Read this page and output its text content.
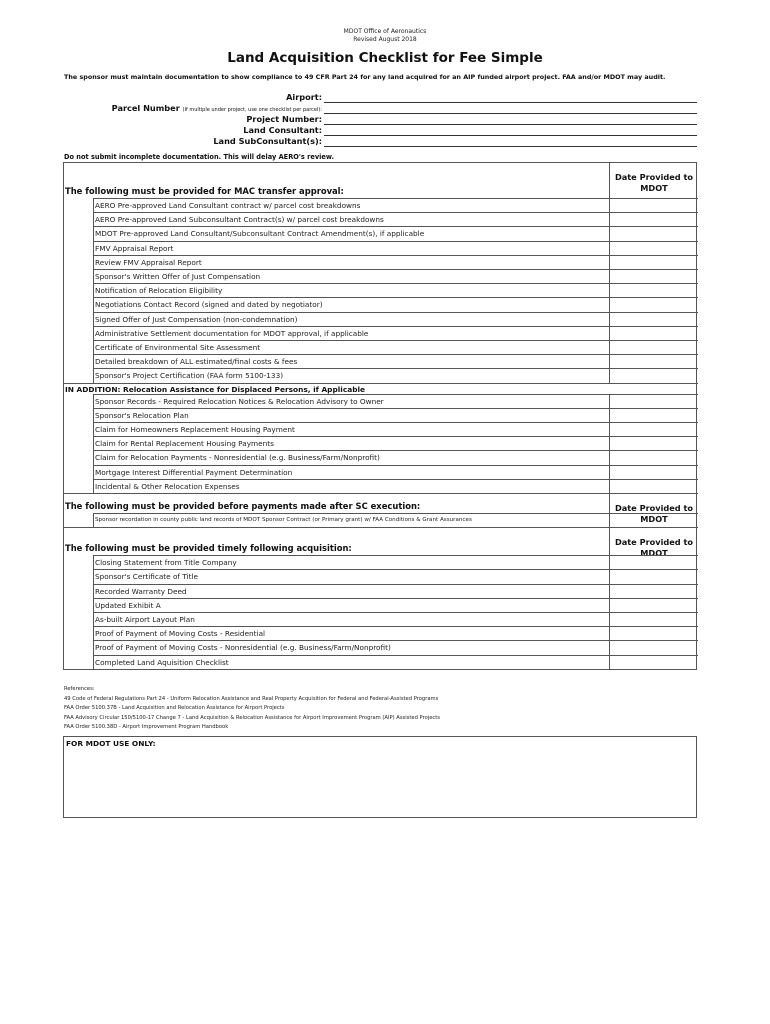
MDOT Office of Aeronautics
Revised August 2018
Land Acquisition Checklist for Fee Simple
The sponsor must maintain documentation to show compliance to 49 CFR Part 24 for any land acquired for an AIP funded airport project. FAA and/or MDOT may audit.
Airport:
Parcel Number (If multiple under project, use one checklist per parcel):
Project Number:
Land Consultant:
Land SubConsultant(s):
Do not submit incomplete documentation. This will delay AERO's review.
The following must be provided for MAC transfer approval:
Date Provided to MDOT
AERO Pre-approved Land Consultant contract w/ parcel cost breakdowns
AERO Pre-approved Land Subconsultant Contract(s) w/ parcel cost breakdowns
MDOT Pre-approved Land Consultant/Subconsultant Contract Amendment(s), if applicable
FMV Appraisal Report
Review FMV Appraisal Report
Sponsor's Written Offer of Just Compensation
Notification of Relocation Eligibility
Negotiations Contact Record (signed and dated by negotiator)
Signed Offer of Just Compensation (non-condemnation)
Administrative Settlement documentation for MDOT approval, if applicable
Certificate of Environmental Site Assessment
Detailed breakdown of ALL estimated/final costs & fees
Sponsor's Project Certification (FAA form 5100-133)
IN ADDITION: Relocation Assistance for Displaced Persons, if Applicable
Sponsor Records - Required Relocation Notices & Relocation Advisory to Owner
Sponsor's Relocation Plan
Claim for Homeowners Replacement Housing Payment
Claim for Rental Replacement Housing Payments
Claim for Relocation Payments - Nonresidential (e.g. Business/Farm/Nonprofit)
Mortgage Interest Differential Payment Determination
Incidental & Other Relocation Expenses
The following must be provided before payments made after SC execution:	Date Provided to MDOT
Sponsor recordation in county public land records of MDOT Sponsor Contract (or Primary grant) w/ FAA Conditions & Grant Assurances
The following must be provided timely following acquisition:
Date Provided to MDOT
Closing Statement from Title Company
Sponsor's Certificate of Title
Recorded Warranty Deed
Updated Exhibit A
As-built Airport Layout Plan
Proof of Payment of Moving Costs - Residential
Proof of Payment of Moving Costs - Nonresidential (e.g. Business/Farm/Nonprofit)
Completed Land Aquisition Checklist
References:
49 Code of Federal Regulations Part 24 - Uniform Relocation Assistance and Real Property Acquisition for Federal and Federal-Assisted Programs
FAA Order 5100.37B - Land Acquisition and Relocation Assistance for Airport Projects
FAA Advisory Circular 150/5100-17 Change 7 - Land Acquisition & Relocation Assistance for Airport Improvement Program (AIP) Assisted Projects
FAA Order 5100.38D - Airport Improvement Program Handbook
FOR MDOT USE ONLY:
